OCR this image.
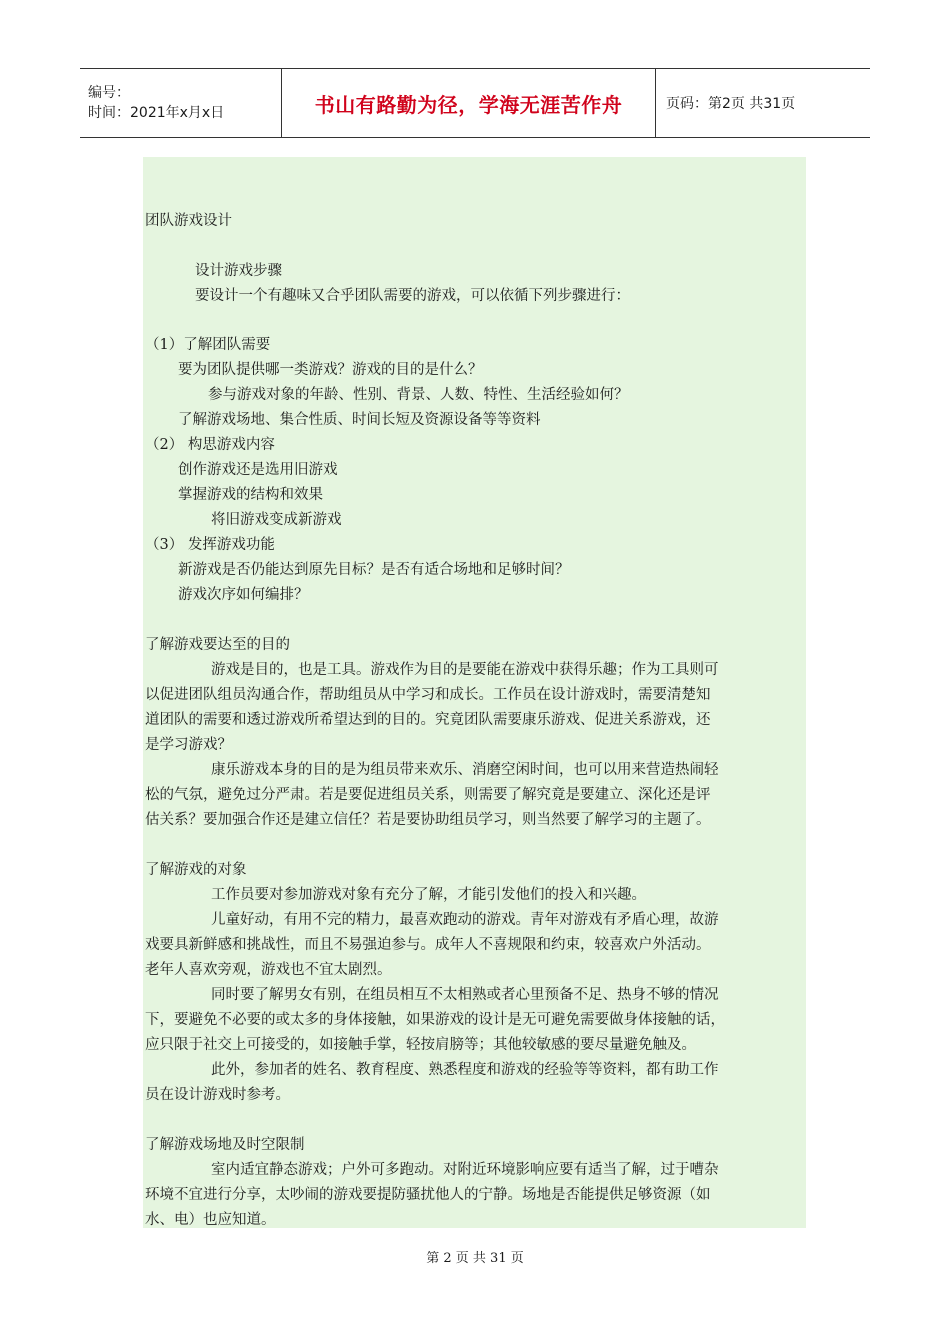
编号：
时间：2021年x月x日	书山有路勤为径，学海无涯苦作舟	页码：第2页 共31页
团队游戏设计
设计游戏步骤
要设计一个有趣味又合乎团队需要的游戏，可以依循下列步骤进行：
（1）了解团队需要
要为团队提供哪一类游戏？游戏的目的是什么？
参与游戏对象的年龄、性别、背景、人数、特性、生活经验如何？
了解游戏场地、集合性质、时间长短及资源设备等等资料
（2） 构思游戏内容
创作游戏还是选用旧游戏
掌握游戏的结构和效果
将旧游戏变成新游戏
（3） 发挥游戏功能
新游戏是否仍能达到原先目标？是否有适合场地和足够时间？
游戏次序如何编排？
了解游戏要达至的目的
游戏是目的，也是工具。游戏作为目的是要能在游戏中获得乐趣；作为工具则可
以促进团队组员沟通合作，帮助组员从中学习和成长。工作员在设计游戏时，需要清楚知
道团队的需要和透过游戏所希望达到的目的。究竟团队需要康乐游戏、促进关系游戏，还
是学习游戏？
康乐游戏本身的目的是为组员带来欢乐、消磨空闲时间，也可以用来营造热闹轻
松的气氛，避免过分严肃。若是要促进组员关系，则需要了解究竟是要建立、深化还是评
估关系？要加强合作还是建立信任？若是要协助组员学习，则当然要了解学习的主题了。
了解游戏的对象
工作员要对参加游戏对象有充分了解，才能引发他们的投入和兴趣。
儿童好动，有用不完的精力，最喜欢跑动的游戏。青年对游戏有矛盾心理，故游
戏要具新鲜感和挑战性，而且不易强迫参与。成年人不喜规限和约束，较喜欢户外活动。
老年人喜欢旁观，游戏也不宜太剧烈。
同时要了解男女有别，在组员相互不太相熟或者心里预备不足、热身不够的情况
下，要避免不必要的或太多的身体接触，如果游戏的设计是无可避免需要做身体接触的话，
应只限于社交上可接受的，如接触手掌，轻按肩膀等；其他较敏感的要尽量避免触及。
此外，参加者的姓名、教育程度、熟悉程度和游戏的经验等等资料，都有助工作
员在设计游戏时参考。
了解游戏场地及时空限制
室内适宜静态游戏；户外可多跑动。对附近环境影响应要有适当了解，过于嘈杂
环境不宜进行分享，太吵闹的游戏要提防骚扰他人的宁静。场地是否能提供足够资源（如
水、电）也应知道。
第 2 页 共 31 页
